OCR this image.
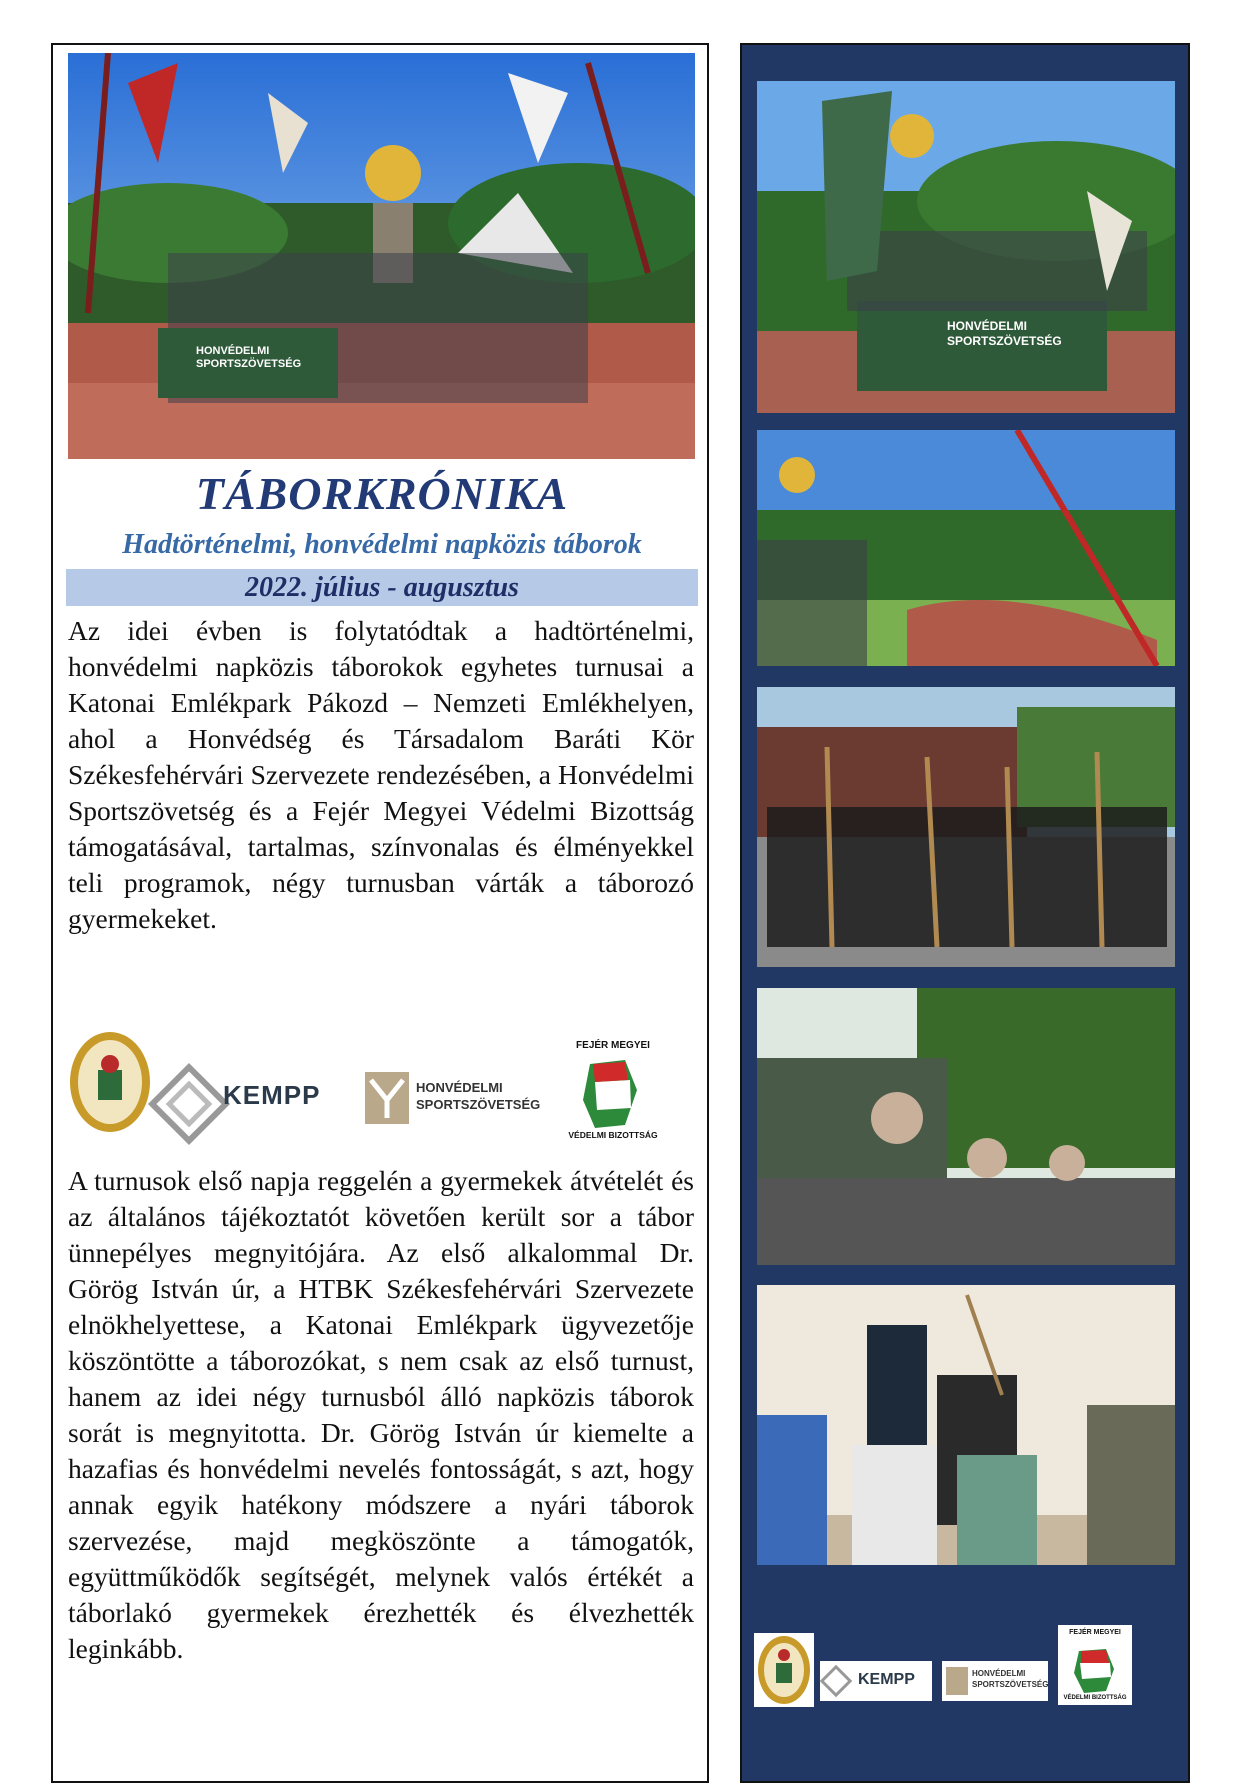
HONVÉDELMI
SPORTSZÖVETSÉG
TÁBORKRÓNIKA
Hadtörténelmi, honvédelmi napközis táborok
2022. július - augusztus
Az idei évben is folytatódtak a hadtörténelmi, honvédelmi napközis táborokok egyhetes turnusai a Katonai Emlékpark Pákozd – Nemzeti Emlékhelyen, ahol a Honvédség és Társadalom Baráti Kör Székesfehérvári Szervezete rendezésében, a Honvédelmi Sportszövetség és a Fejér Megyei Védelmi Bizottság támogatásával, tartalmas, színvonalas és élményekkel teli programok, négy turnusban várták a táborozó gyermekeket.
KEMPP	HONVÉDELMI
SPORTSZÖVETSÉG
FEJÉR MEGYEI
VÉDELMI BIZOTTSÁG
A turnusok első napja reggelén a gyermekek átvételét és az általános tájékoztatót követően került sor a tábor ünnepélyes megnyitójára. Az első alkalommal Dr. Görög István úr, a HTBK Székesfehérvári Szervezete elnökhelyettese, a Katonai Emlékpark ügyvezetője köszöntötte a táborozókat, s nem csak az első turnust, hanem az idei négy turnusból álló napközis táborok sorát is megnyitotta. Dr. Görög István úr kiemelte a hazafias és honvédelmi nevelés fontosságát, s azt, hogy annak egyik hatékony módszere a nyári táborok szervezése, majd megköszönte a támogatók, együttműködők segítségét, melynek valós értékét a táborlakó gyermekek érezhették és élvezhették leginkább.
HONVÉDELMI
SPORTSZÖVETSÉG
KEMPP	HONVÉDELMI
SPORTSZÖVETSÉG
FEJÉR MEGYEI
VÉDELMI BIZOTTSÁG
